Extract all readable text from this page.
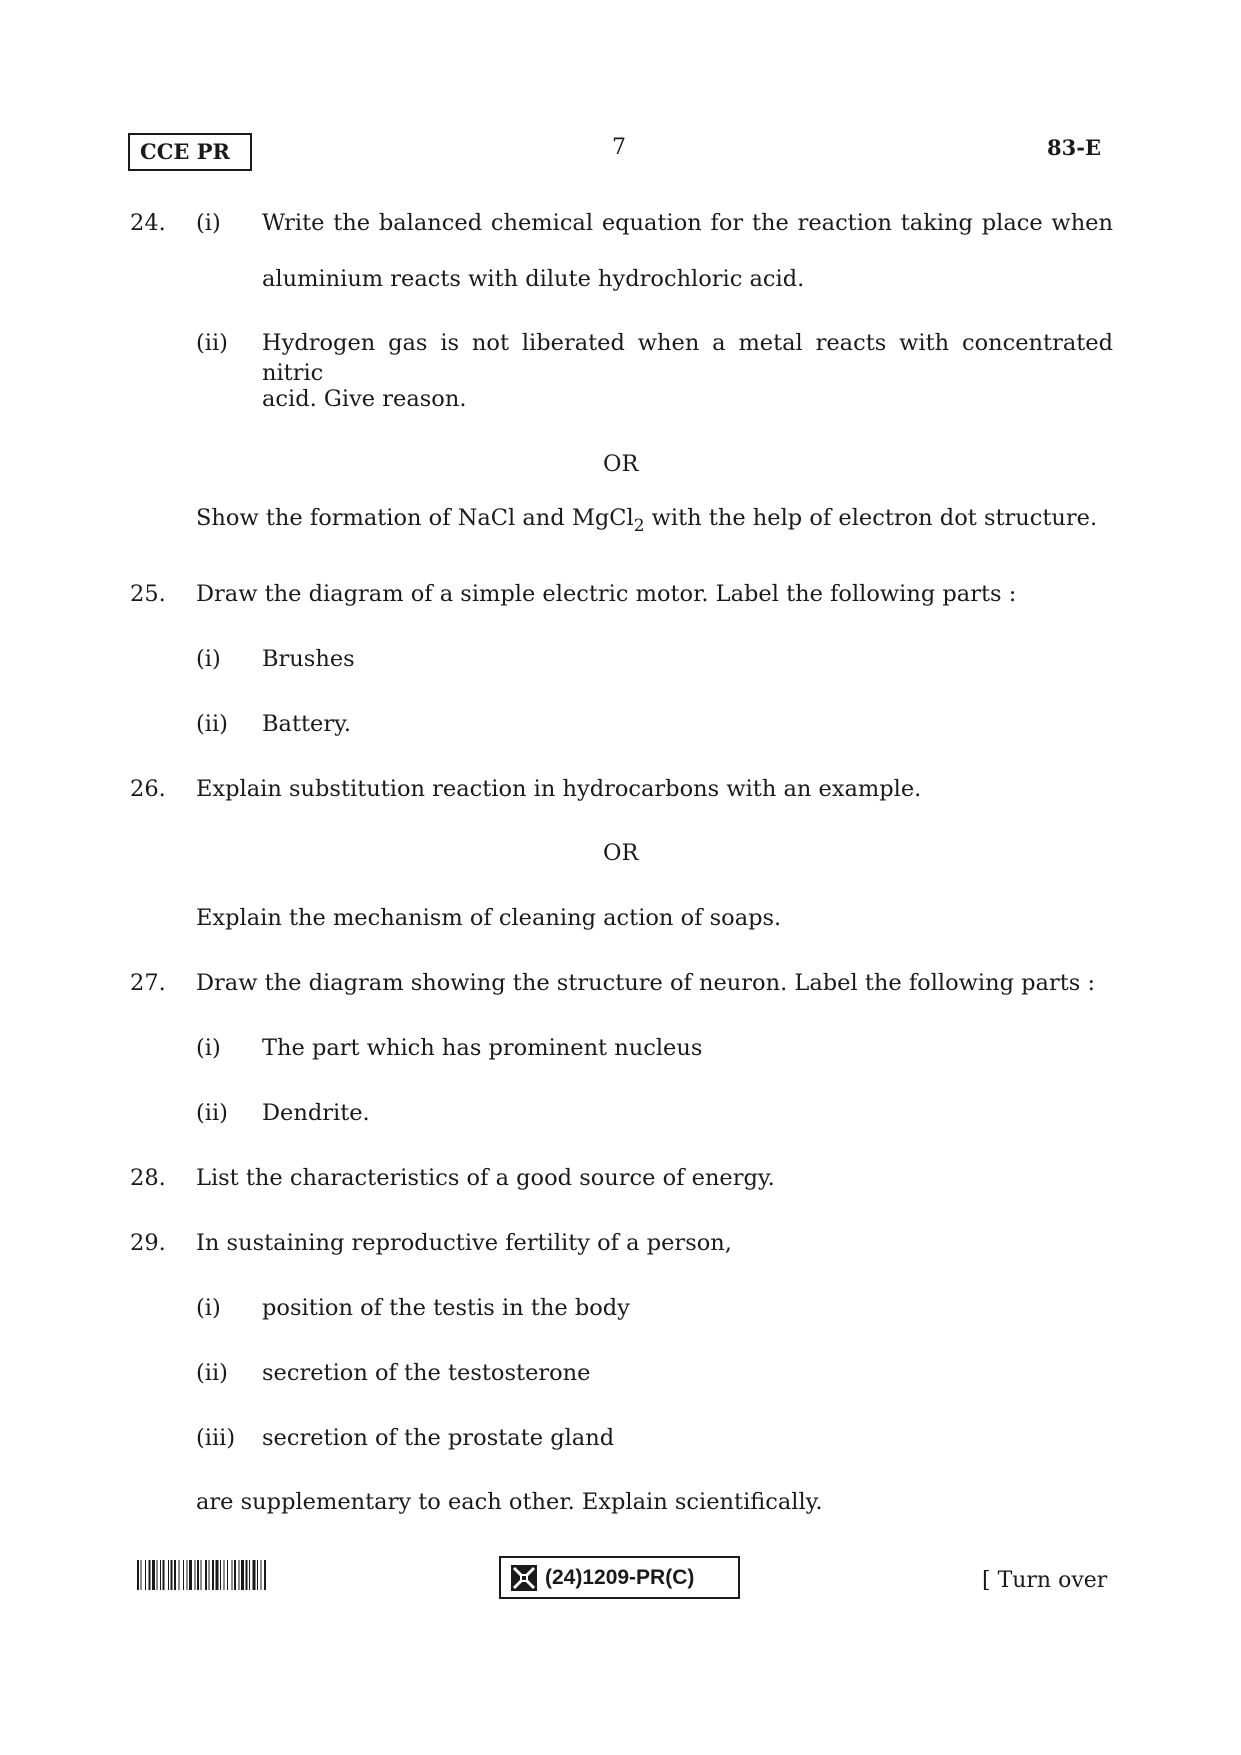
CCE PR	7	83-E
24. (i) Write the balanced chemical equation for the reaction taking place when
aluminium reacts with dilute hydrochloric acid.
(ii) Hydrogen gas is not liberated when a metal reacts with concentrated nitric
acid. Give reason.
OR
Show the formation of NaCl and MgCl$_2$ with the help of electron dot structure.
25. Draw the diagram of a simple electric motor. Label the following parts :
(i) Brushes
(ii) Battery.
26. Explain substitution reaction in hydrocarbons with an example.
OR
Explain the mechanism of cleaning action of soaps.
27. Draw the diagram showing the structure of neuron. Label the following parts :
(i) The part which has prominent nucleus
(ii) Dendrite.
28. List the characteristics of a good source of energy.
29. In sustaining reproductive fertility of a person,
(i) position of the testis in the body
(ii) secretion of the testosterone
(iii) secretion of the prostate gland
are supplementary to each other. Explain scientifically.
(24)1209-PR(C)	[ Turn over
